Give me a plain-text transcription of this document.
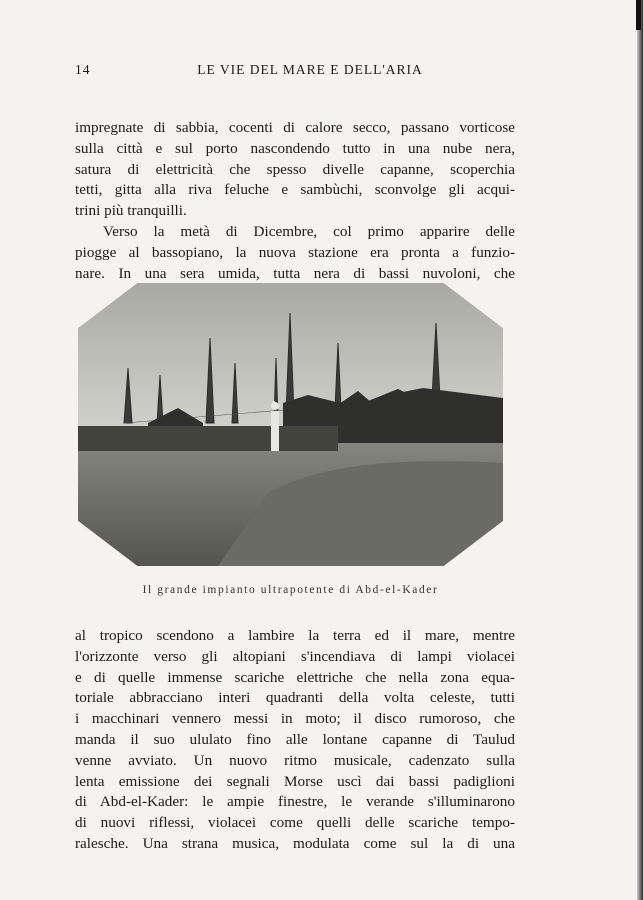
14	LE VIE DEL MARE E DELL'ARIA
impregnate di sabbia, cocenti di calore secco, passano vorticose
sulla città e sul porto nascondendo tutto in una nube nera,
satura di elettricità che spesso divelle capanne, scoperchia
tetti, gitta alla riva feluche e sambùchi, sconvolge gli acqui-
trini più tranquilli.
Verso la metà di Dicembre, col primo apparire delle
piogge al bassopiano, la nuova stazione era pronta a funzio-
nare. In una sera umida, tutta nera di bassi nuvoloni, che
Il grande impianto ultrapotente di Abd-el-Kader
al tropico scendono a lambire la terra ed il mare, mentre
l'orizzonte verso gli altopiani s'incendiava di lampi violacei
e di quelle immense scariche elettriche che nella zona equa-
toriale abbracciano interi quadranti della volta celeste, tutti
i macchinari vennero messi in moto; il disco rumoroso, che
manda il suo ululato fino alle lontane capanne di Taulud
venne avviato. Un nuovo ritmo musicale, cadenzato sulla
lenta emissione dei segnali Morse uscì dai bassi padiglioni
di Abd-el-Kader: le ampie finestre, le verande s'illuminarono
di nuovi riflessi, violacei come quelli delle scariche tempo-
ralesche. Una strana musica, modulata come sul la di una
